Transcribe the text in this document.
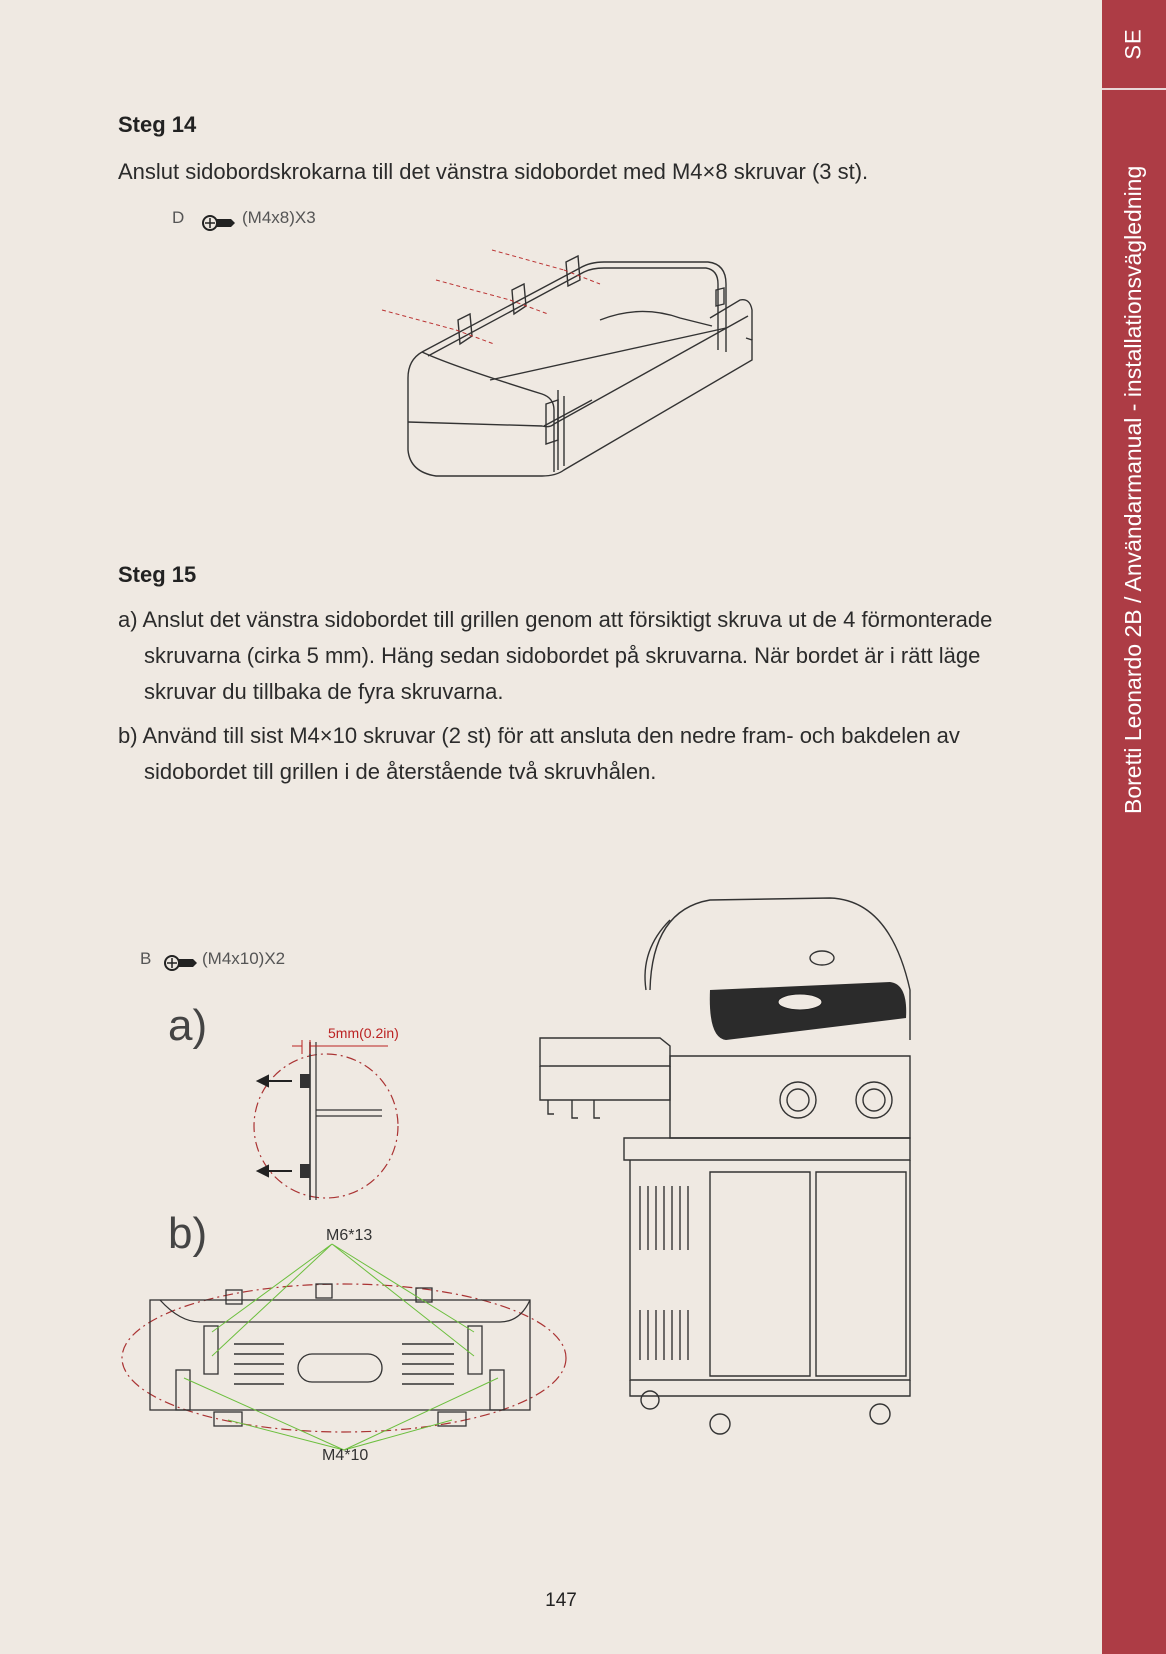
SE
Boretti Leonardo 2B / Användarmanual - installationsvägledning
Steg 14
Anslut sidobordskrokarna till det vänstra sidobordet med M4×8 skruvar (3 st).
D	(M4x8)X3
Steg 15
a) Anslut det vänstra sidobordet till grillen genom att försiktigt skruva ut de 4 förmonterade skruvarna (cirka 5 mm). Häng sedan sidobordet på skruvarna. När bordet är i rätt läge skruvar du tillbaka de fyra skruvarna.
b) Använd till sist M4×10 skruvar (2 st) för att ansluta den nedre fram- och bakdelen av sidobordet till grillen i de återstående två skruvhålen.
B	(M4x10)X2
a)	5mm(0.2in)
b)	M6*13
M4*10
147
